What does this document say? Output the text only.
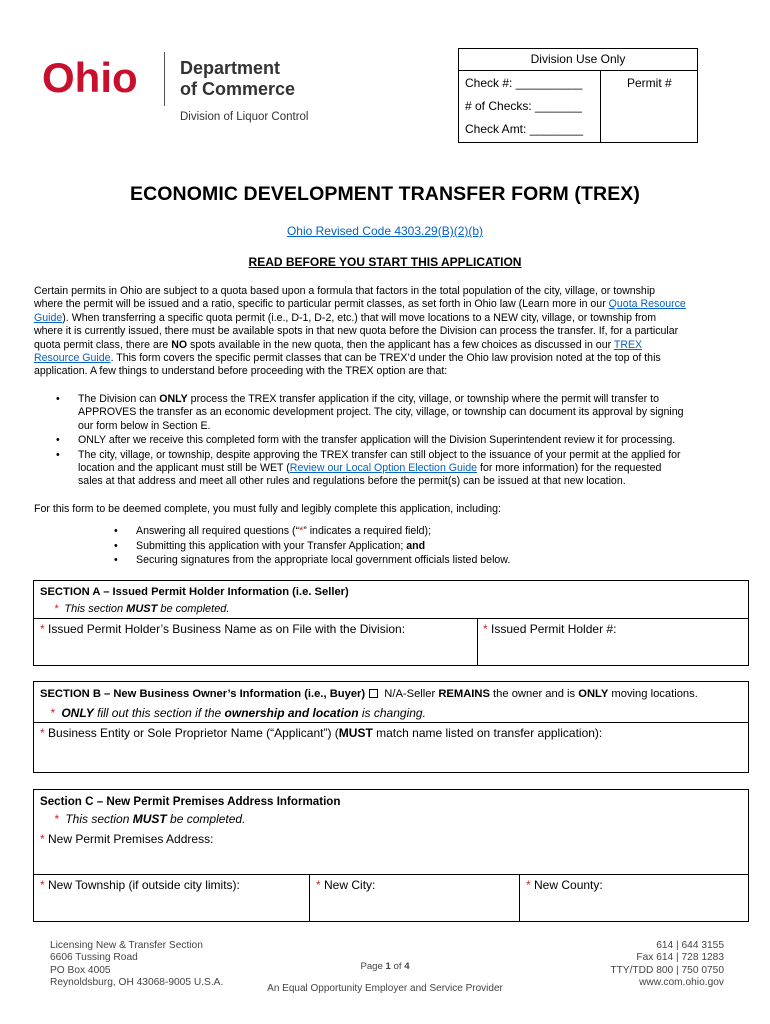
Ohio Department
of Commerce
Division of Liquor Control
Division Use Only
Check #: __________	Permit #
# of Checks: _______
Check Amt: ________
ECONOMIC DEVELOPMENT TRANSFER FORM (TREX)
Ohio Revised Code 4303.29(B)(2)(b)
READ BEFORE YOU START THIS APPLICATION

Certain permits in Ohio are subject to a quota based upon a formula that factors in the total population of the city, village, or township

where the permit will be issued and a ratio, specific to particular permit classes, as set forth in Ohio law (Learn more in our Quota Resource

Guide). When transferring a specific quota permit (i.e., D-1, D-2, etc.) that will move locations to a NEW city, village, or township from

where it is currently issued, there must be available spots in that new quota before the Division can process the transfer. If, for a particular

quota permit class, there are NO spots available in the new quota, then the applicant has a few choices as discussed in our TREX

Resource Guide. This form covers the specific permit classes that can be TREX’d under the Ohio law provision noted at the top of this

application. A few things to understand before proceeding with the TREX option are that:

• The Division can ONLY process the TREX transfer application if the city, village, or township where the permit will transfer to
APPROVES the transfer as an economic development project. The city, village, or township can document its approval by signing
our form below in Section E.
• ONLY after we receive this completed form with the transfer application will the Division Superintendent review it for processing.
• The city, village, or township, despite approving the TREX transfer can still object to the issuance of your permit at the applied for
location and the applicant must still be WET (Review our Local Option Election Guide for more information) for the requested
sales at that address and meet all other rules and regulations before the permit(s) can be issued at that new location.
For this form to be deemed complete, you must fully and legibly complete this application, including:
• Answering all required questions (“*” indicates a required field);
• Submitting this application with your Transfer Application; and
• Securing signatures from the appropriate local government officials listed below.
SECTION A – Issued Permit Holder Information (i.e. Seller)
* This section MUST be completed.
* Issued Permit Holder’s Business Name as on File with the Division:	* Issued Permit Holder #:
SECTION B – New Business Owner’s Information (i.e., Buyer) N/A-Seller REMAINS the owner and is ONLY moving locations.
* ONLY fill out this section if the ownership and location is changing.
* Business Entity or Sole Proprietor Name (“Applicant”) (MUST match name listed on transfer application):
Section C – New Permit Premises Address Information
* This section MUST be completed.
* New Permit Premises Address:
* New Township (if outside city limits):	* New City:	* New County:
Licensing New & Transfer Section
6606 Tussing Road
PO Box 4005
Reynoldsburg, OH 43068-9005 U.S.A.
Page 1 of 4
An Equal Opportunity Employer and Service Provider
614 | 644 3155
Fax 614 | 728 1283
TTY/TDD 800 | 750 0750
www.com.ohio.gov
